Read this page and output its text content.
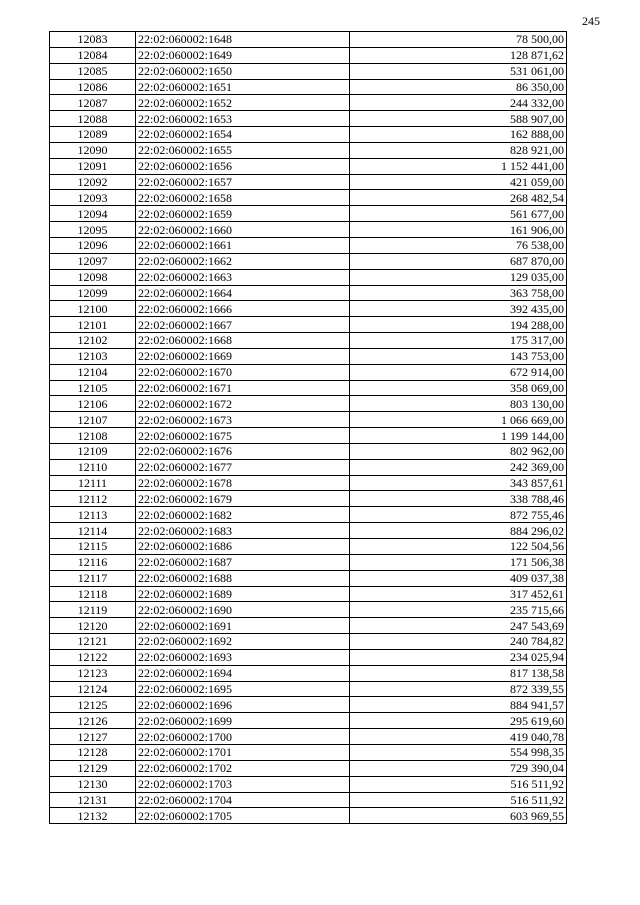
245
12083	22:02:060002:1648	78 500,00
12084	22:02:060002:1649	128 871,62
12085	22:02:060002:1650	531 061,00
12086	22:02:060002:1651	86 350,00
12087	22:02:060002:1652	244 332,00
12088	22:02:060002:1653	588 907,00
12089	22:02:060002:1654	162 888,00
12090	22:02:060002:1655	828 921,00
12091	22:02:060002:1656	1 152 441,00
12092	22:02:060002:1657	421 059,00
12093	22:02:060002:1658	268 482,54
12094	22:02:060002:1659	561 677,00
12095	22:02:060002:1660	161 906,00
12096	22:02:060002:1661	76 538,00
12097	22:02:060002:1662	687 870,00
12098	22:02:060002:1663	129 035,00
12099	22:02:060002:1664	363 758,00
12100	22:02:060002:1666	392 435,00
12101	22:02:060002:1667	194 288,00
12102	22:02:060002:1668	175 317,00
12103	22:02:060002:1669	143 753,00
12104	22:02:060002:1670	672 914,00
12105	22:02:060002:1671	358 069,00
12106	22:02:060002:1672	803 130,00
12107	22:02:060002:1673	1 066 669,00
12108	22:02:060002:1675	1 199 144,00
12109	22:02:060002:1676	802 962,00
12110	22:02:060002:1677	242 369,00
12111	22:02:060002:1678	343 857,61
12112	22:02:060002:1679	338 788,46
12113	22:02:060002:1682	872 755,46
12114	22:02:060002:1683	884 296,02
12115	22:02:060002:1686	122 504,56
12116	22:02:060002:1687	171 506,38
12117	22:02:060002:1688	409 037,38
12118	22:02:060002:1689	317 452,61
12119	22:02:060002:1690	235 715,66
12120	22:02:060002:1691	247 543,69
12121	22:02:060002:1692	240 784,82
12122	22:02:060002:1693	234 025,94
12123	22:02:060002:1694	817 138,58
12124	22:02:060002:1695	872 339,55
12125	22:02:060002:1696	884 941,57
12126	22:02:060002:1699	295 619,60
12127	22:02:060002:1700	419 040,78
12128	22:02:060002:1701	554 998,35
12129	22:02:060002:1702	729 390,04
12130	22:02:060002:1703	516 511,92
12131	22:02:060002:1704	516 511,92
12132	22:02:060002:1705	603 969,55
